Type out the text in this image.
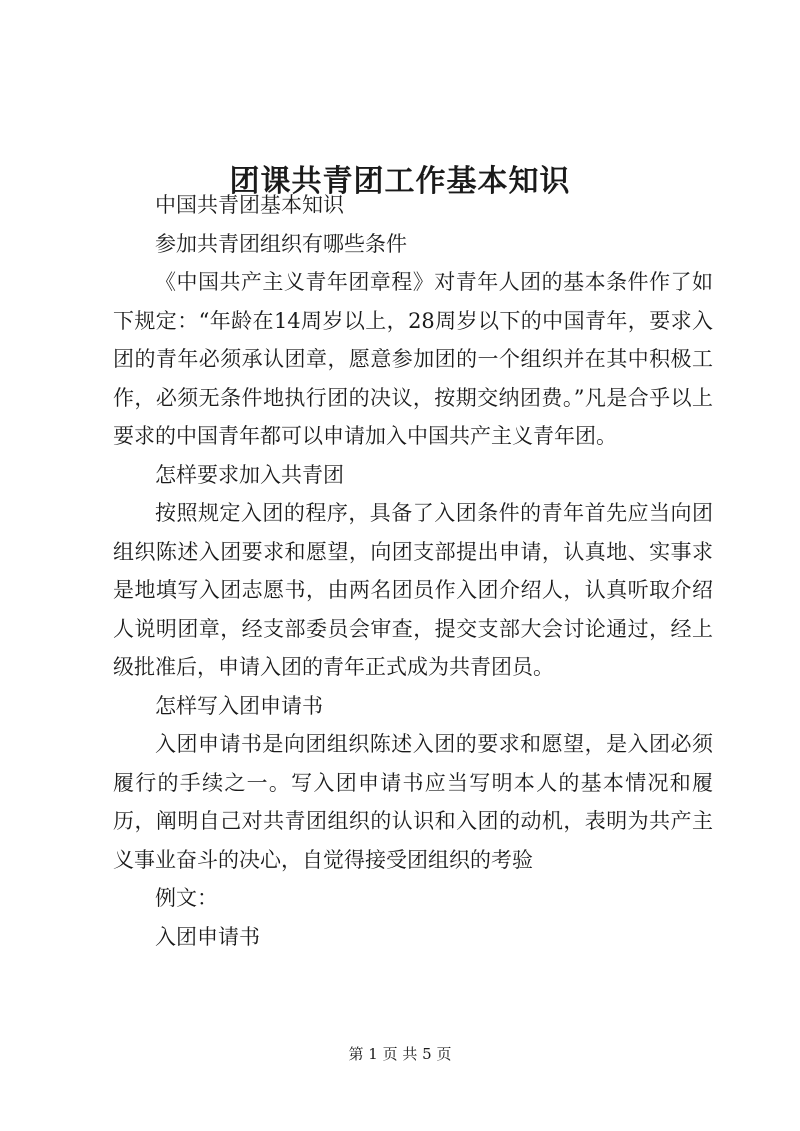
团课共青团工作基本知识

中国共青团基本知识

参加共青团组织有哪些条件

《中国共产主义青年团章程》对青年人团的基本条件作了如下规定：“年龄在14周岁以上，28周岁以下的中国青年，要求入团的青年必须承认团章，愿意参加团的一个组织并在其中积极工作，必须无条件地执行团的决议，按期交纳团费。”凡是合乎以上要求的中国青年都可以申请加入中国共产主义青年团。

怎样要求加入共青团

按照规定入团的程序，具备了入团条件的青年首先应当向团组织陈述入团要求和愿望，向团支部提出申请，认真地、实事求是地填写入团志愿书，由两名团员作入团介绍人，认真听取介绍人说明团章，经支部委员会审查，提交支部大会讨论通过，经上级批准后，申请入团的青年正式成为共青团员。

怎样写入团申请书

入团申请书是向团组织陈述入团的要求和愿望，是入团必须履行的手续之一。写入团申请书应当写明本人的基本情况和履历，阐明自己对共青团组织的认识和入团的动机，表明为共产主义事业奋斗的决心，自觉得接受团组织的考验

例文：

入团申请书

第 1 页 共 5 页
